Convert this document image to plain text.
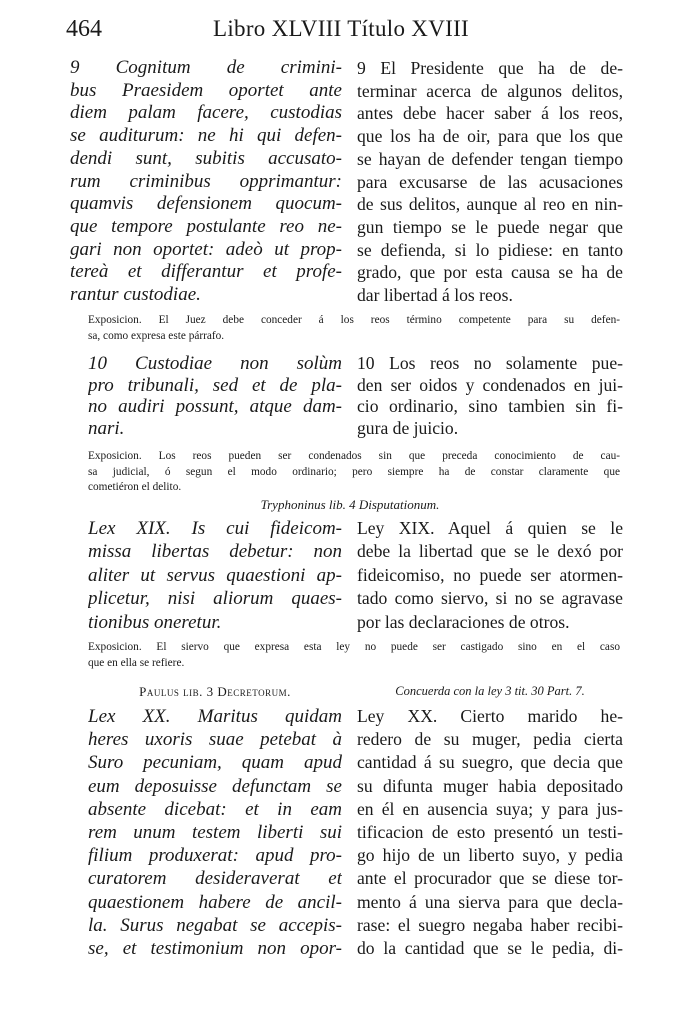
464	Libro XLVIII Título XVIII
9 Cognitum de crimini-
bus Praesidem oportet ante
diem palam facere, custodias
se auditurum: ne hi qui defen-
dendi sunt, subitis accusato-
rum criminibus opprimantur:
quamvis defensionem quocum-
que tempore postulante reo ne-
gari non oportet: adeò ut prop-
tereà et differantur et profe-
rantur custodiae.
9 El Presidente que ha de de-
terminar acerca de algunos delitos,
antes debe hacer saber á los reos,
que los ha de oir, para que los que
se hayan de defender tengan tiempo
para excusarse de las acusaciones
de sus delitos, aunque al reo en nin-
gun tiempo se le puede negar que
se defienda, si lo pidiese: en tanto
grado, que por esta causa se ha de
dar libertad á los reos.
Exposicion. El Juez debe conceder á los reos término competente para su defen-
sa, como expresa este párrafo.
10 Custodiae non solùm
pro tribunali, sed et de pla-
no audiri possunt, atque dam-
nari.
10 Los reos no solamente pue-
den ser oidos y condenados en jui-
cio ordinario, sino tambien sin fi-
gura de juicio.
Exposicion. Los reos pueden ser condenados sin que preceda conocimiento de cau-
sa judicial, ó segun el modo ordinario; pero siempre ha de constar claramente que
cometiéron el delito.
Tryphoninus lib. 4 Disputationum.
Lex XIX. Is cui fideicom-
missa libertas debetur: non
aliter ut servus quaestioni ap-
plicetur, nisi aliorum quaes-
tionibus oneretur.
Ley XIX. Aquel á quien se le
debe la libertad que se le dexó por
fideicomiso, no puede ser atormen-
tado como siervo, si no se agravase
por las declaraciones de otros.
Exposicion. El siervo que expresa esta ley no puede ser castigado sino en el caso
que en ella se refiere.
Paulus lib. 3 Decretorum.	Concuerda con la ley 3 tit. 30 Part. 7.
Lex XX. Maritus quidam
heres uxoris suae petebat à
Suro pecuniam, quam apud
eum deposuisse defunctam se
absente dicebat: et in eam
rem unum testem liberti sui
filium produxerat: apud pro-
curatorem desideraverat et
quaestionem habere de ancil-
la. Surus negabat se accepis-
se, et testimonium non opor-
Ley XX. Cierto marido he-
redero de su muger, pedia cierta
cantidad á su suegro, que decia que
su difunta muger habia depositado
en él en ausencia suya; y para jus-
tificacion de esto presentó un testi-
go hijo de un liberto suyo, y pedia
ante el procurador que se diese tor-
mento á una sierva para que decla-
rase: el suegro negaba haber recibi-
do la cantidad que se le pedia, di-
